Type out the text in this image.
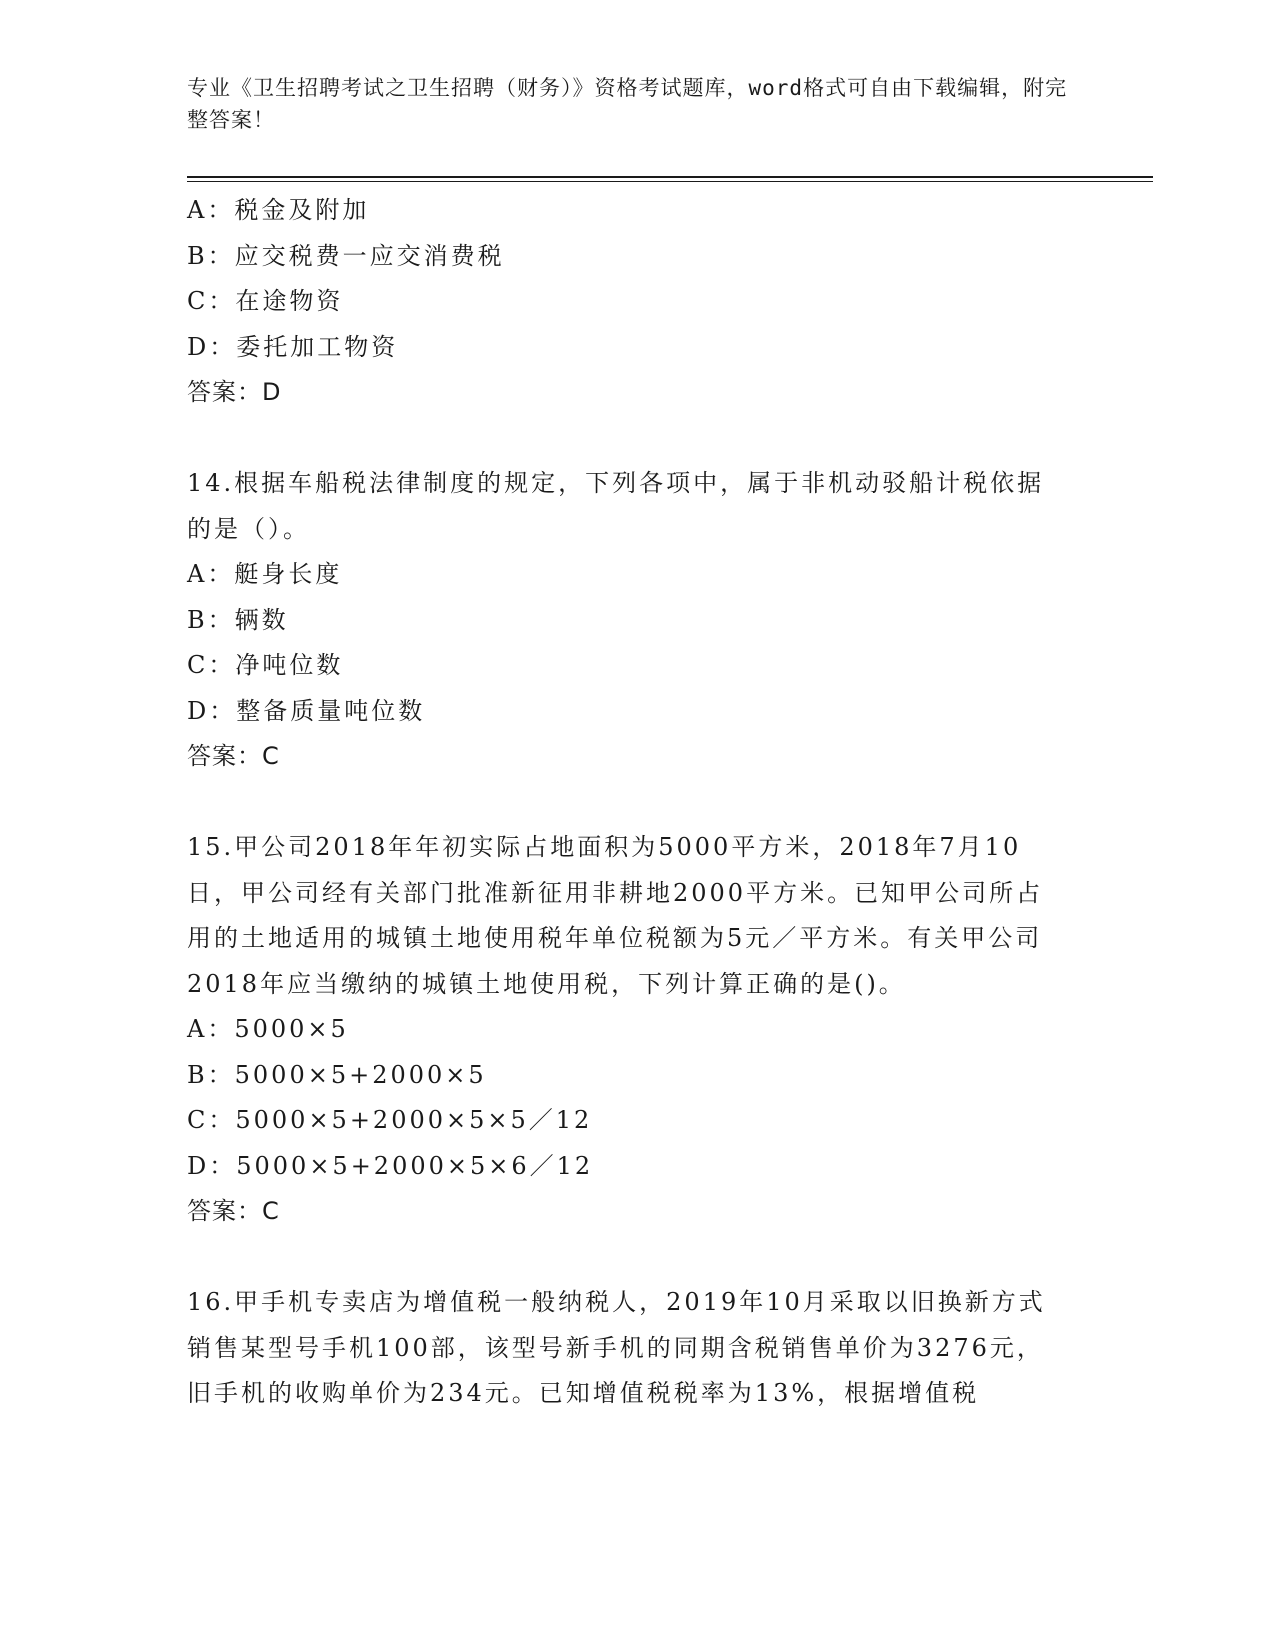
专业《卫生招聘考试之卫生招聘（财务）》资格考试题库，word格式可自由下载编辑，附完整答案！
A：税金及附加
B：应交税费一应交消费税
C：在途物资
D：委托加工物资
答案：D
14.根据车船税法律制度的规定，下列各项中，属于非机动驳船计税依据的是（）。
A：艇身长度
B：辆数
C：净吨位数
D：整备质量吨位数
答案：C
15.甲公司2018年年初实际占地面积为5000平方米，2018年7月10日，甲公司经有关部门批准新征用非耕地2000平方米。已知甲公司所占用的土地适用的城镇土地使用税年单位税额为5元／平方米。有关甲公司2018年应当缴纳的城镇土地使用税，下列计算正确的是()。
A：5000×5
B：5000×5+2000×5
C：5000×5+2000×5×5／12
D：5000×5+2000×5×6／12
答案：C
16.甲手机专卖店为增值税一般纳税人，2019年10月采取以旧换新方式销售某型号手机100部，该型号新手机的同期含税销售单价为3276元，旧手机的收购单价为234元。已知增值税税率为13%，根据增值税
